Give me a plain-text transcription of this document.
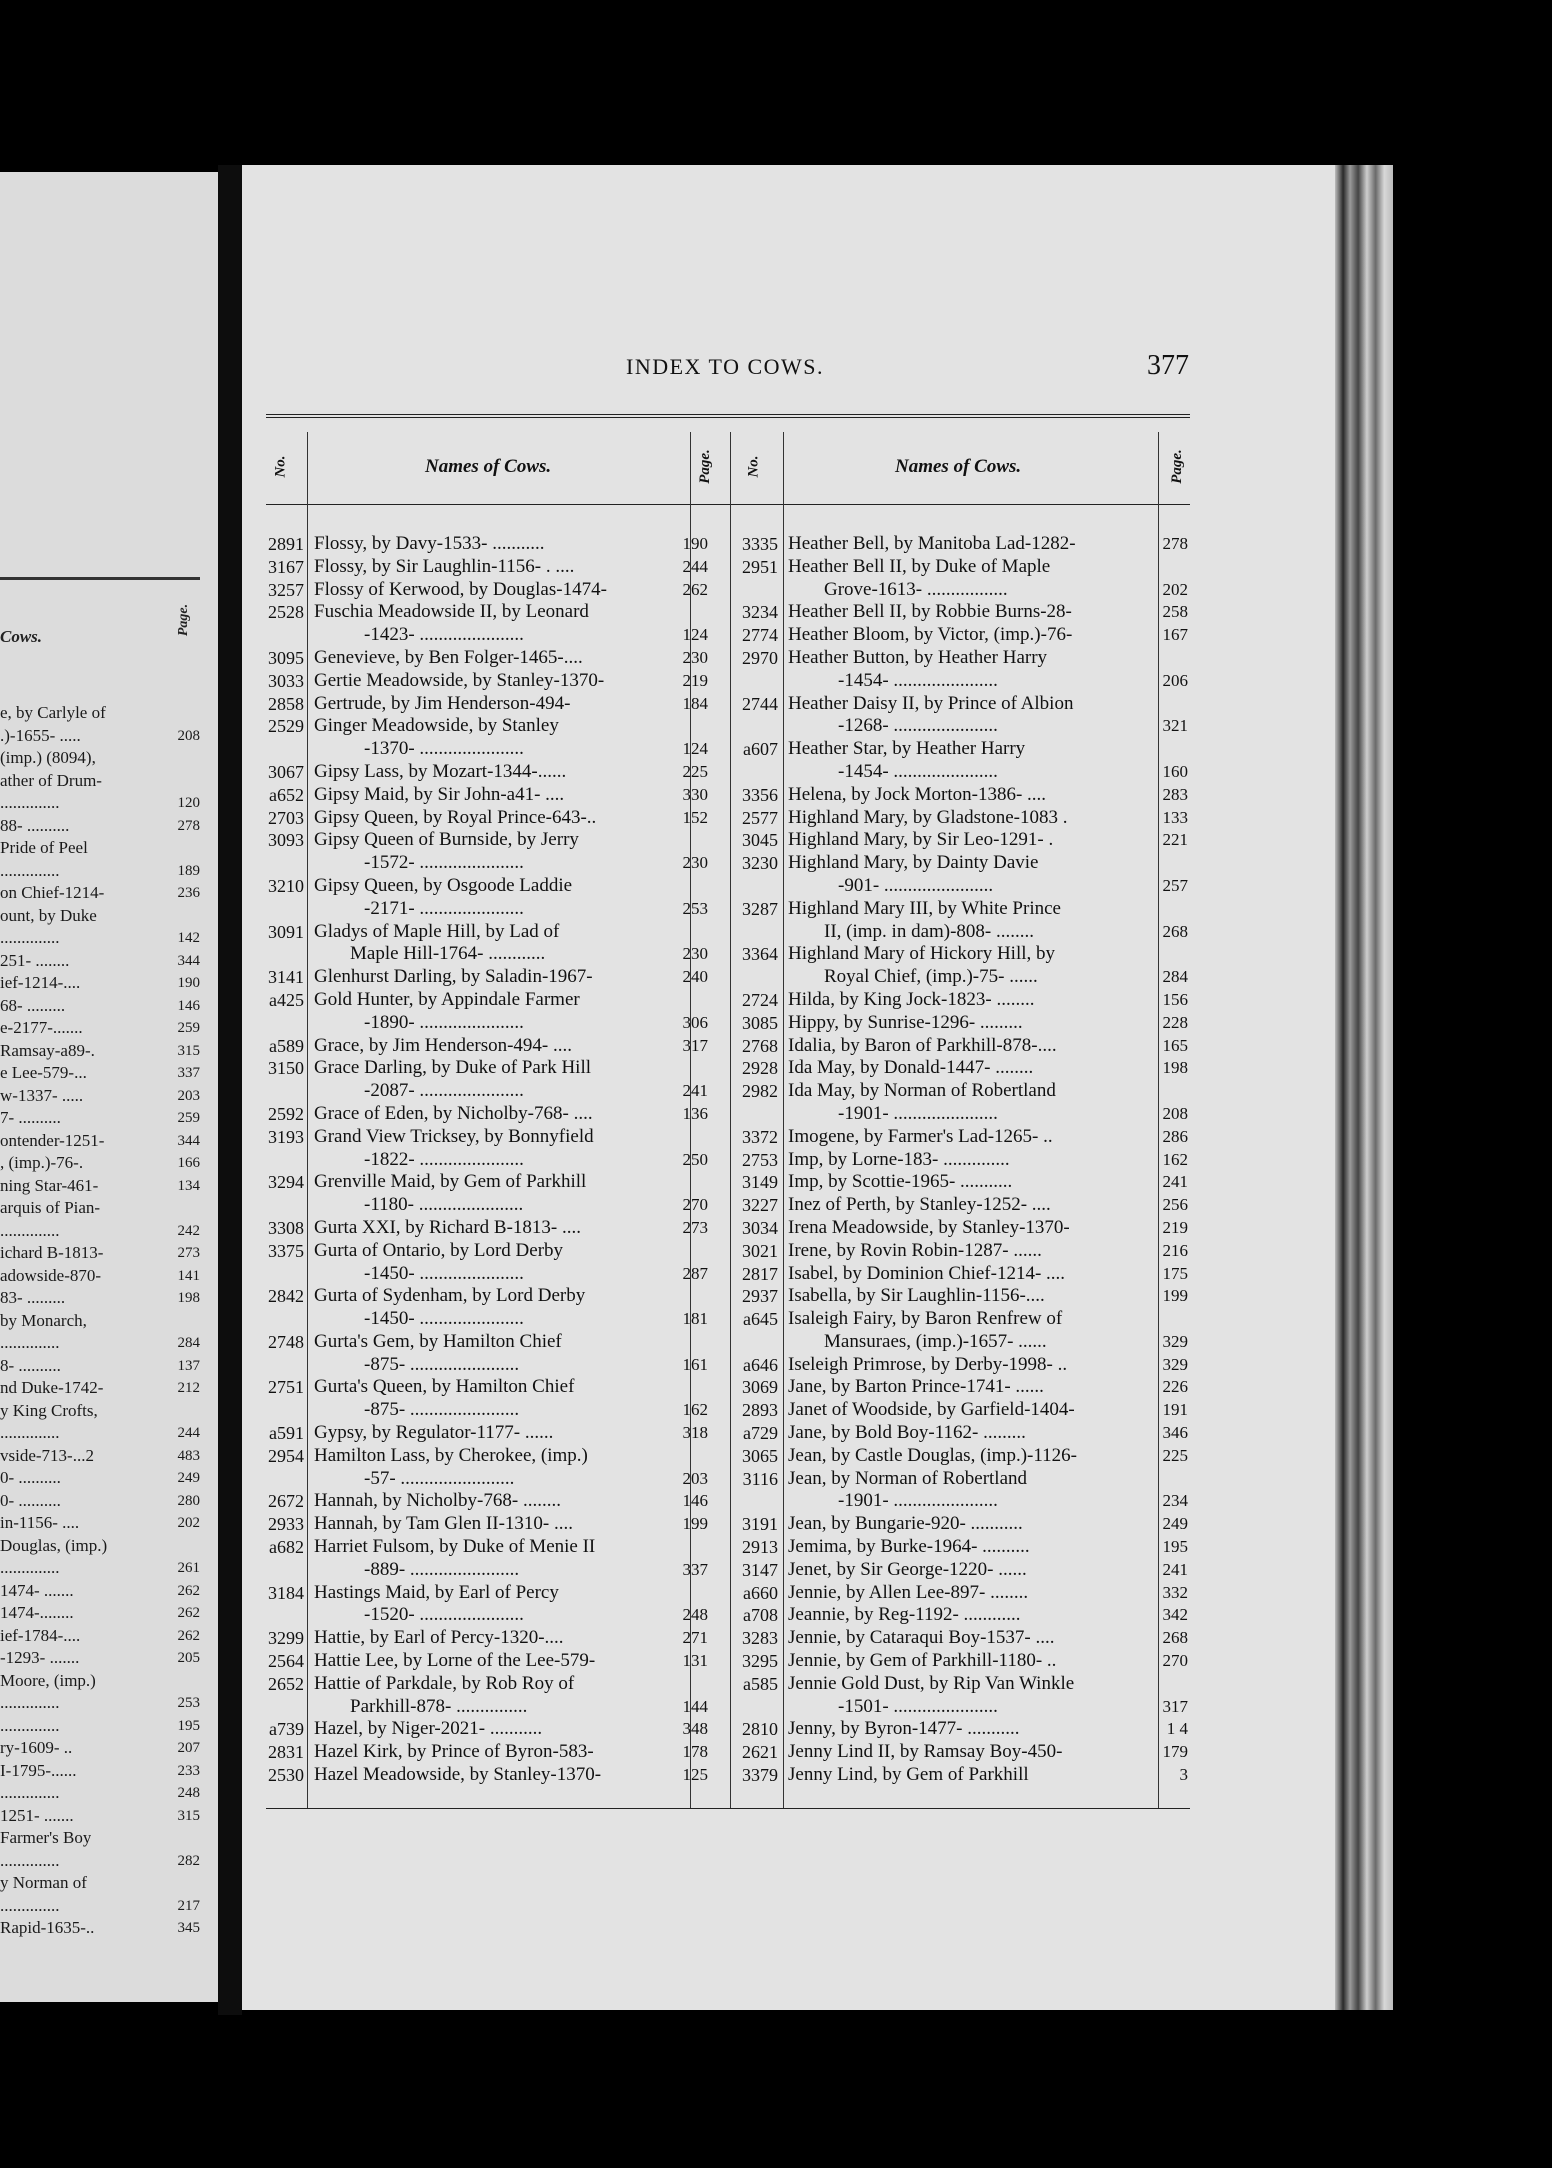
Cows.
Page.
e, by Carlyle of
.)-1655- .....	208
(imp.) (8094),
ather of Drum-
..............	120
88- ..........	278
Pride of Peel
..............	189
on Chief-1214-	236
ount, by Duke
..............	142
251- ........	344
ief-1214-....	190
68- .........	146
e-2177-.......	259
Ramsay-a89-.	315
e Lee-579-...	337
w-1337- .....	203
7- ..........	259
ontender-1251-	344
, (imp.)-76-.	166
ning Star-461-	134
arquis of Pian-
..............	242
ichard B-1813-	273
adowside-870-	141
83- .........	198
by Monarch,
..............	284
8- ..........	137
nd Duke-1742-	212
y King Crofts,
..............	244
vside-713-...2	483
0- ..........	249
0- ..........	280
in-1156- ....	202
Douglas, (imp.)
..............	261
1474- .......	262
1474-........	262
ief-1784-....	262
-1293- .......	205
Moore, (imp.)
..............	253
..............	195
ry-1609- ..	207
I-1795-......	233
..............	248
1251- .......	315
Farmer's Boy
..............	282
y Norman of
..............	217
Rapid-1635-..	345
INDEX TO COWS.	377
No.	Names of Cows.	Page. No.	Names of Cows.	Page.
2891 Flossy, by Davy-1533- ...........	190
3167 Flossy, by Sir Laughlin-1156- . ....	244
3257 Flossy of Kerwood, by Douglas-1474-	262
2528 Fuschia Meadowside II, by Leonard
-1423- ......................	124
3095 Genevieve, by Ben Folger-1465-....	230
3033 Gertie Meadowside, by Stanley-1370-	219
2858 Gertrude, by Jim Henderson-494-	184
2529 Ginger Meadowside, by Stanley
-1370- ......................	124
3067 Gipsy Lass, by Mozart-1344-......	225
a652 Gipsy Maid, by Sir John-a41- ....	330
2703 Gipsy Queen, by Royal Prince-643-..	152
3093 Gipsy Queen of Burnside, by Jerry
-1572- ......................	230
3210 Gipsy Queen, by Osgoode Laddie
-2171- ......................	253
3091 Gladys of Maple Hill, by Lad of
Maple Hill-1764- ............	230
3141 Glenhurst Darling, by Saladin-1967-	240
a425 Gold Hunter, by Appindale Farmer
-1890- ......................	306
a589 Grace, by Jim Henderson-494- ....	317
3150 Grace Darling, by Duke of Park Hill
-2087- ......................	241
2592 Grace of Eden, by Nicholby-768- ....	136
3193 Grand View Tricksey, by Bonnyfield
-1822- ......................	250
3294 Grenville Maid, by Gem of Parkhill
-1180- ......................	270
3308 Gurta XXI, by Richard B-1813- ....	273
3375 Gurta of Ontario, by Lord Derby
-1450- ......................	287
2842 Gurta of Sydenham, by Lord Derby
-1450- ......................	181
2748 Gurta's Gem, by Hamilton Chief
-875- .......................	161
2751 Gurta's Queen, by Hamilton Chief
-875- .......................	162
a591 Gypsy, by Regulator-1177- ......	318
2954 Hamilton Lass, by Cherokee, (imp.)
-57- ........................	203
2672 Hannah, by Nicholby-768- ........	146
2933 Hannah, by Tam Glen II-1310- ....	199
a682 Harriet Fulsom, by Duke of Menie II
-889- .......................	337
3184 Hastings Maid, by Earl of Percy
-1520- ......................	248
3299 Hattie, by Earl of Percy-1320-....	271
2564 Hattie Lee, by Lorne of the Lee-579-	131
2652 Hattie of Parkdale, by Rob Roy of
Parkhill-878- ...............	144
a739 Hazel, by Niger-2021- ...........	348
2831 Hazel Kirk, by Prince of Byron-583-	178
2530 Hazel Meadowside, by Stanley-1370-	125
3335 Heather Bell, by Manitoba Lad-1282-	278
2951 Heather Bell II, by Duke of Maple
Grove-1613- .................	202
3234 Heather Bell II, by Robbie Burns-28-	258
2774 Heather Bloom, by Victor, (imp.)-76-	167
2970 Heather Button, by Heather Harry
-1454- ......................	206
2744 Heather Daisy II, by Prince of Albion
-1268- ......................	321
a607 Heather Star, by Heather Harry
-1454- ......................	160
3356 Helena, by Jock Morton-1386- ....	283
2577 Highland Mary, by Gladstone-1083 .	133
3045 Highland Mary, by Sir Leo-1291- .	221
3230 Highland Mary, by Dainty Davie
-901- .......................	257
3287 Highland Mary III, by White Prince
II, (imp. in dam)-808- ........	268
3364 Highland Mary of Hickory Hill, by
Royal Chief, (imp.)-75- ......	284
2724 Hilda, by King Jock-1823- ........	156
3085 Hippy, by Sunrise-1296- .........	228
2768 Idalia, by Baron of Parkhill-878-....	165
2928 Ida May, by Donald-1447- ........	198
2982 Ida May, by Norman of Robertland
-1901- ......................	208
3372 Imogene, by Farmer's Lad-1265- ..	286
2753 Imp, by Lorne-183- ..............	162
3149 Imp, by Scottie-1965- ...........	241
3227 Inez of Perth, by Stanley-1252- ....	256
3034 Irena Meadowside, by Stanley-1370-	219
3021 Irene, by Rovin Robin-1287- ......	216
2817 Isabel, by Dominion Chief-1214- ....	175
2937 Isabella, by Sir Laughlin-1156-....	199
a645 Isaleigh Fairy, by Baron Renfrew of
Mansuraes, (imp.)-1657- ......	329
a646 Iseleigh Primrose, by Derby-1998- ..	329
3069 Jane, by Barton Prince-1741- ......	226
2893 Janet of Woodside, by Garfield-1404-	191
a729 Jane, by Bold Boy-1162- .........	346
3065 Jean, by Castle Douglas, (imp.)-1126-	225
3116 Jean, by Norman of Robertland
-1901- ......................	234
3191 Jean, by Bungarie-920- ...........	249
2913 Jemima, by Burke-1964- ..........	195
3147 Jenet, by Sir George-1220- ......	241
a660 Jennie, by Allen Lee-897- ........	332
a708 Jeannie, by Reg-1192- ............	342
3283 Jennie, by Cataraqui Boy-1537- ....	268
3295 Jennie, by Gem of Parkhill-1180- ..	270
a585 Jennie Gold Dust, by Rip Van Winkle
-1501- ......................	317
2810 Jenny, by Byron-1477- ...........	1 4
2621 Jenny Lind II, by Ramsay Boy-450-	179
3379 Jenny Lind, by Gem of Parkhill	3
